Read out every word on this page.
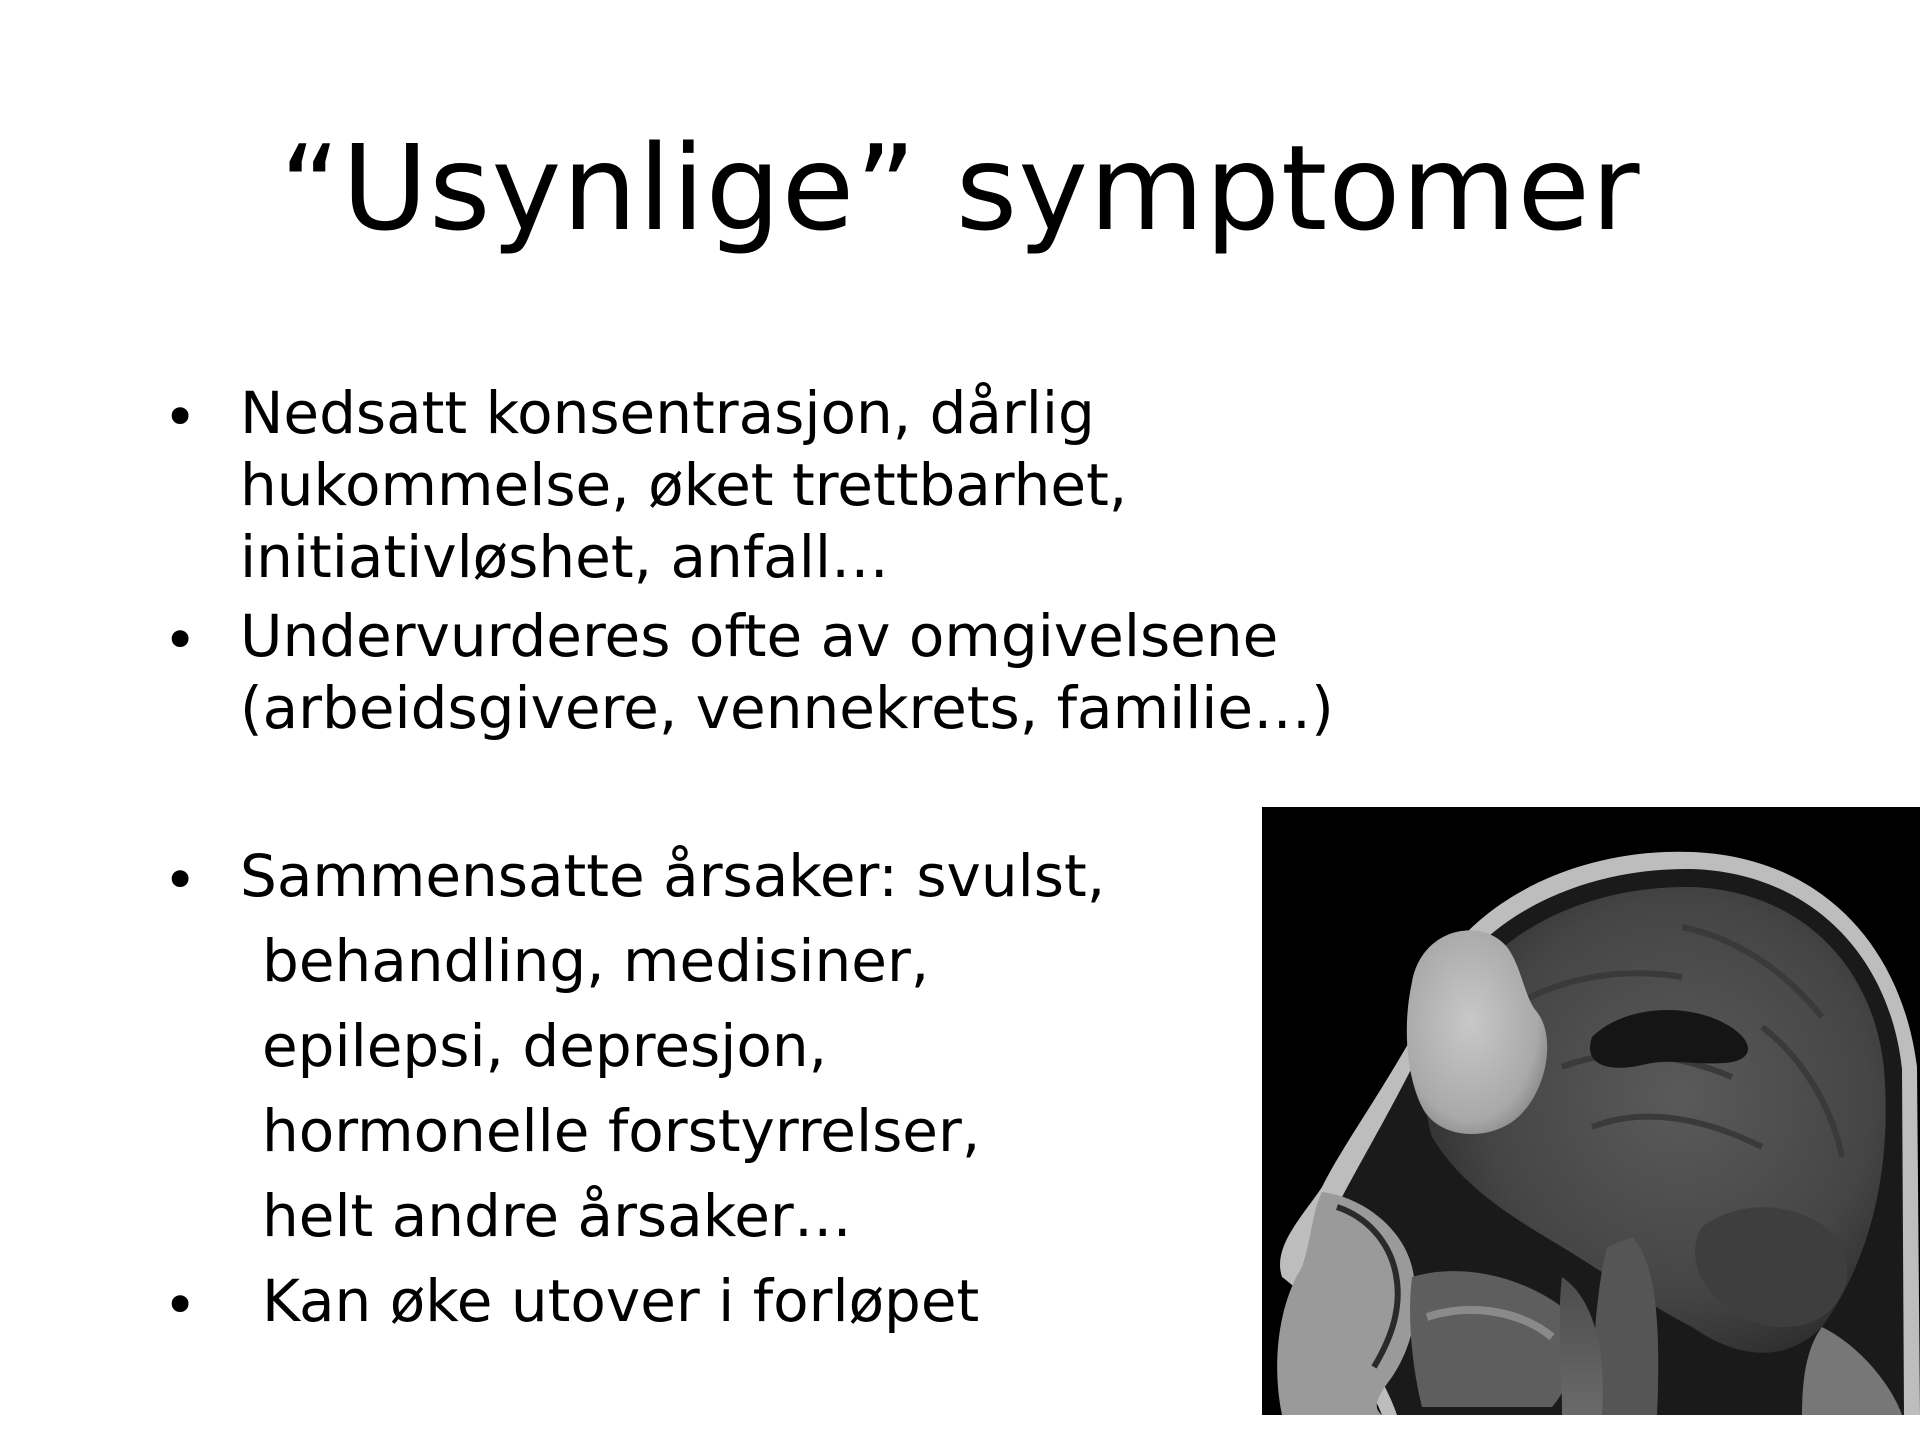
“Usynlige” symptomer
• Nedsatt konsentrasjon, dårlig
hukommelse, øket trettbarhet,
initiativløshet, anfall…
• Undervurderes ofte av omgivelsene
(arbeidsgivere, vennekrets, familie…)
• Sammensatte årsaker: svulst,
behandling, medisiner,
epilepsi, depresjon,
hormonelle forstyrrelser,
helt andre årsaker…
• Kan øke utover i forløpet
